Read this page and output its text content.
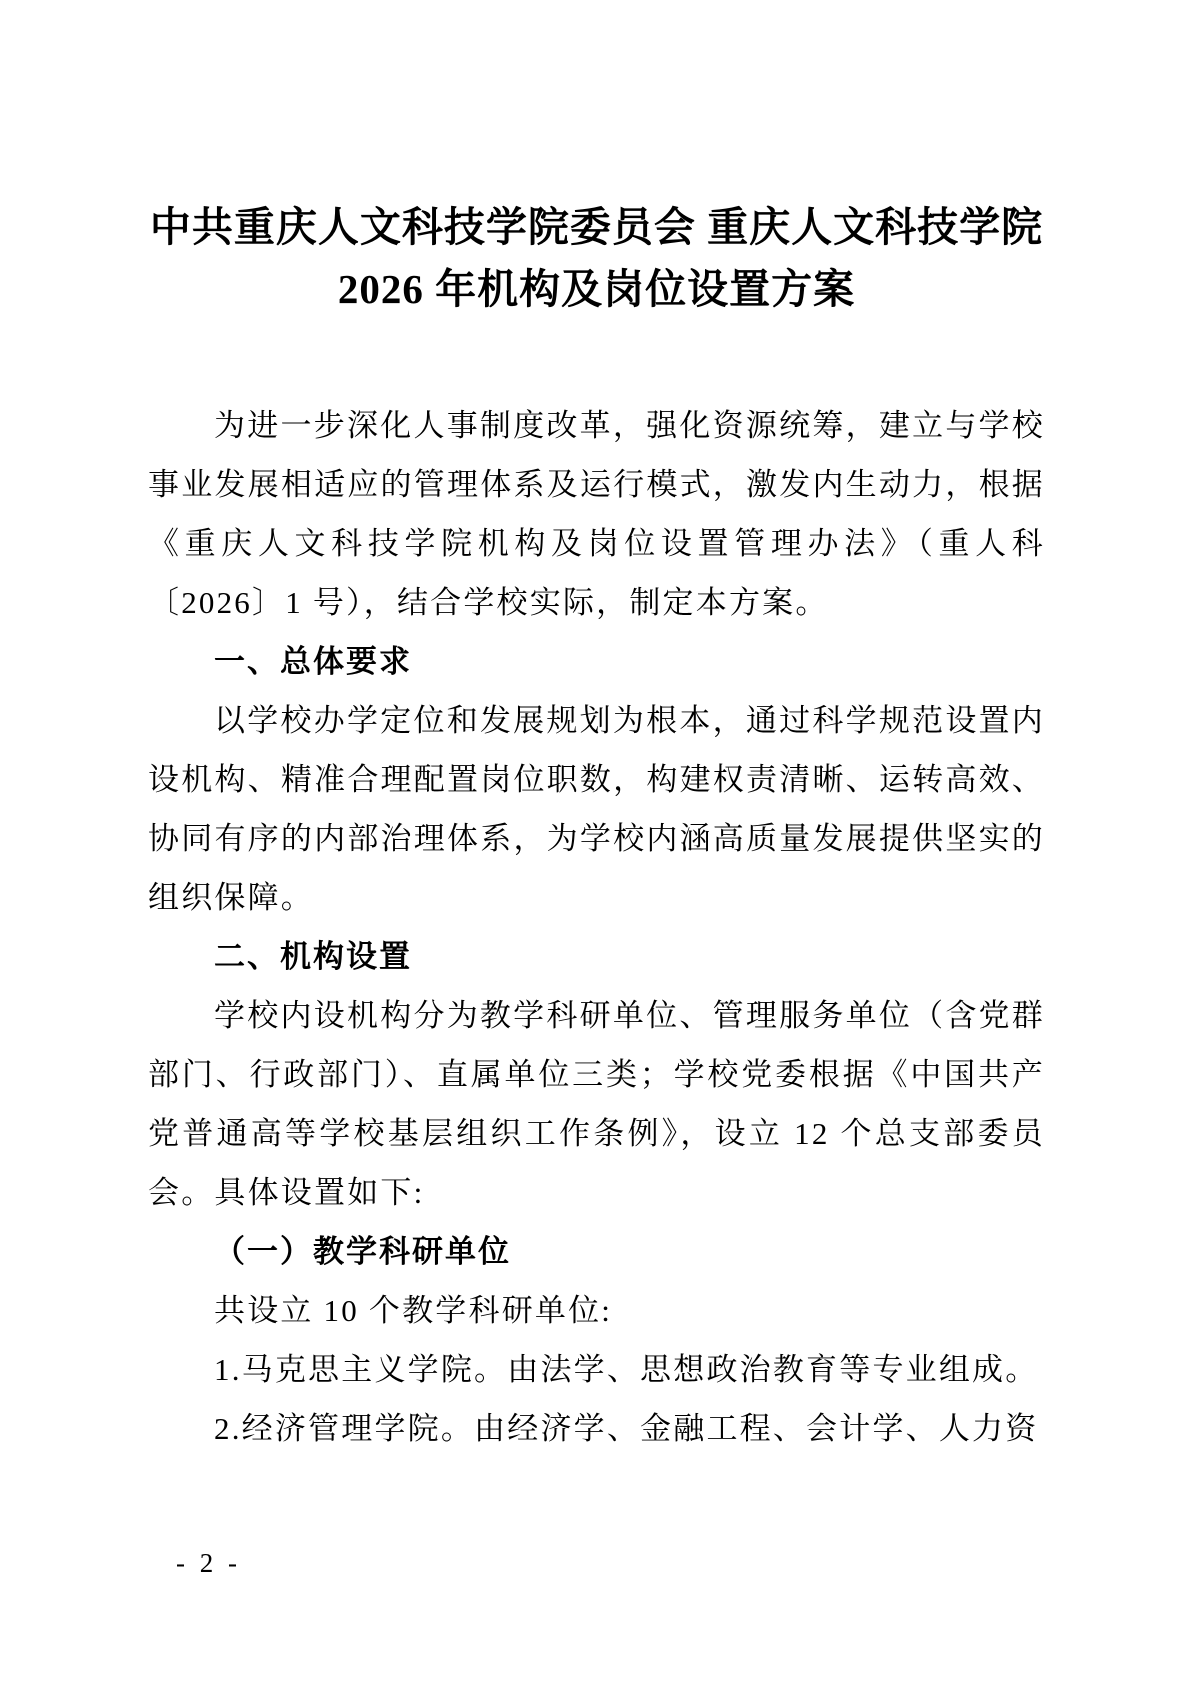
中共重庆人文科技学院委员会 重庆人文科技学院
2026 年机构及岗位设置方案

为进一步深化人事制度改革，强化资源统筹，建立与学校事业发展相适应的管理体系及运行模式，激发内生动力，根据《重庆人文科技学院机构及岗位设置管理办法》（重人科〔2026〕1 号），结合学校实际，制定本方案。

一、总体要求

以学校办学定位和发展规划为根本，通过科学规范设置内设机构、精准合理配置岗位职数，构建权责清晰、运转高效、协同有序的内部治理体系，为学校内涵高质量发展提供坚实的组织保障。

二、机构设置

学校内设机构分为教学科研单位、管理服务单位（含党群部门、行政部门）、直属单位三类；学校党委根据《中国共产党普通高等学校基层组织工作条例》，设立 12 个总支部委员会。具体设置如下:

（一）教学科研单位

共设立 10 个教学科研单位:

1.马克思主义学院。由法学、思想政治教育等专业组成。

2.经济管理学院。由经济学、金融工程、会计学、人力资

- 2 -
